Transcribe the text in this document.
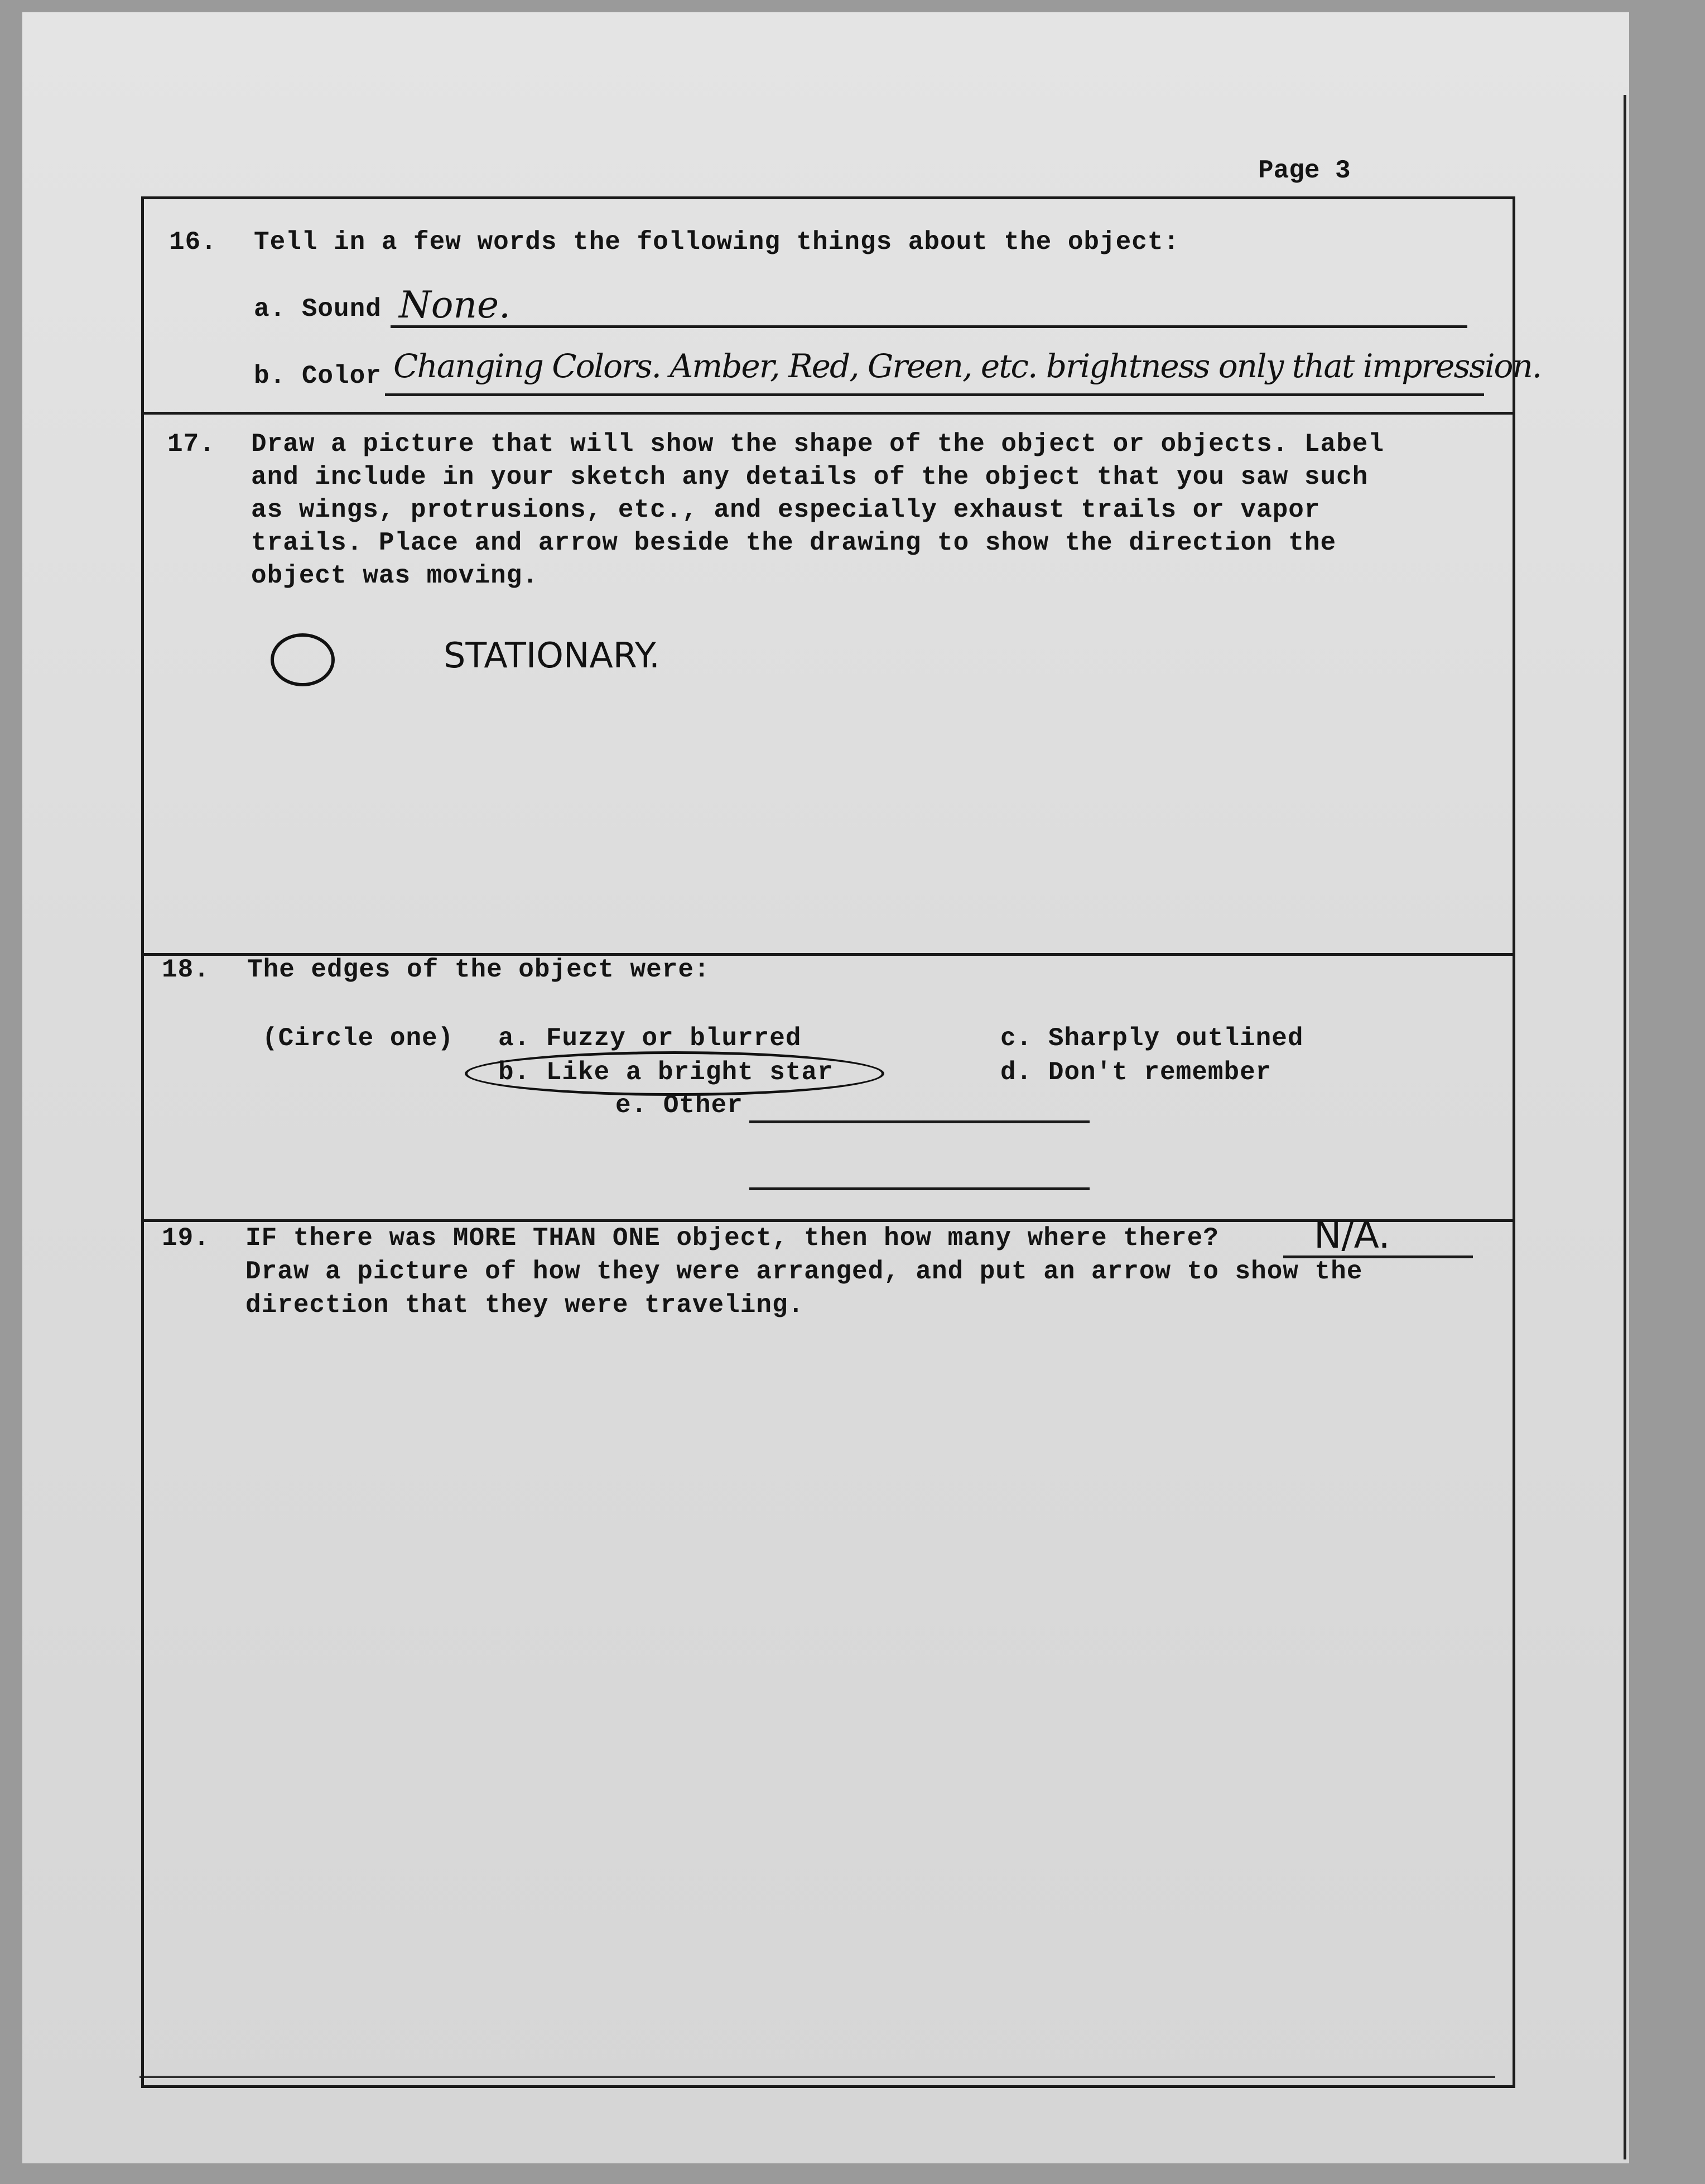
Page 3
16. Tell in a few words the following things about the object:
a. Sound None.
b. Color Changing Colors. Amber, Red, Green, etc. brightness only that impression.
17. Draw a picture that will show the shape of the object or objects. Label
and include in your sketch any details of the object that you saw such
as wings, protrusions, etc., and especially exhaust trails or vapor
trails. Place and arrow beside the drawing to show the direction the
object was moving.
STATIONARY.
18. The edges of the object were:
(Circle one) a. Fuzzy or blurred	c. Sharply outlined
b. Like a bright star	d. Don't remember
e. Other
19. IF there was MORE THAN ONE object, then how many where there?	N/A.
Draw a picture of how they were arranged, and put an arrow to show the
direction that they were traveling.
